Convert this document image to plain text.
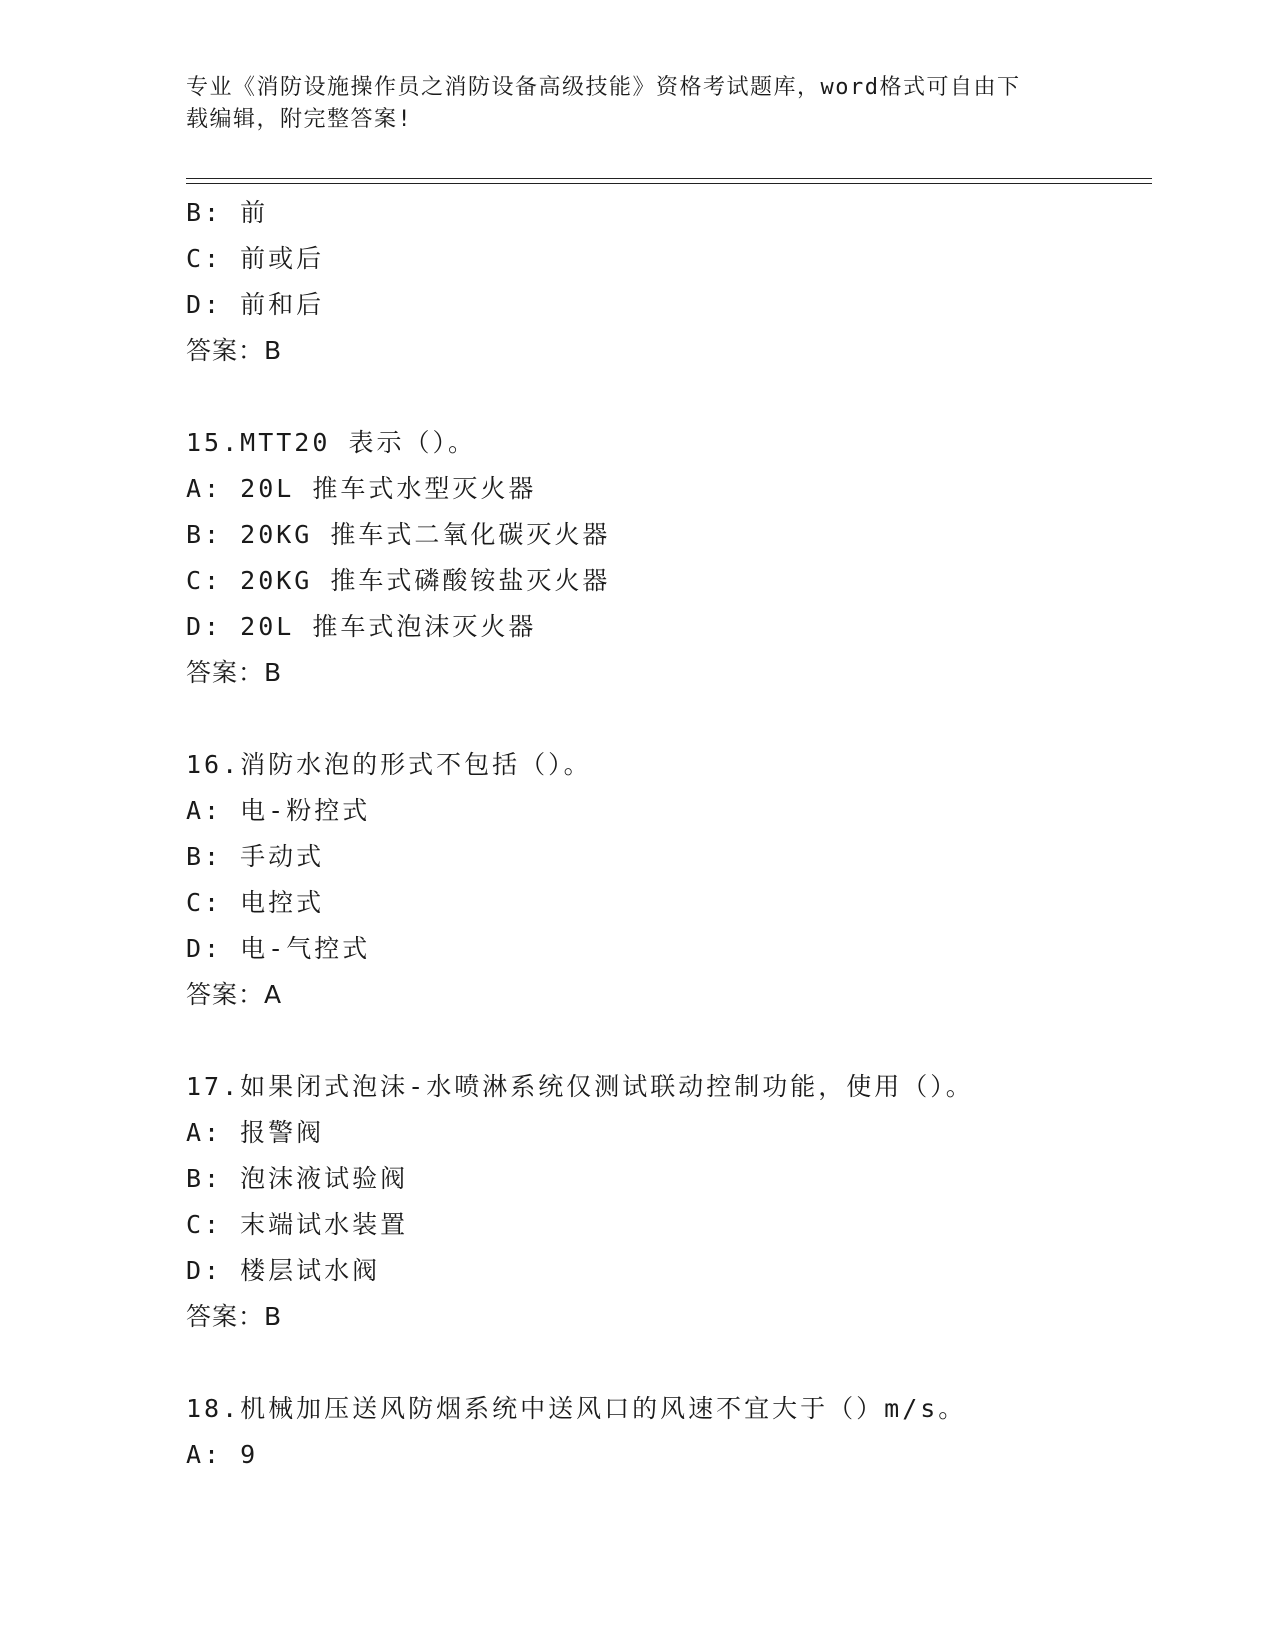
专业《消防设施操作员之消防设备高级技能》资格考试题库，word格式可自由下
载编辑，附完整答案!
B: 前
C: 前或后
D: 前和后
答案：B
15.MTT20 表示（）。
A: 20L 推车式水型灭火器
B: 20KG 推车式二氧化碳灭火器
C: 20KG 推车式磷酸铵盐灭火器
D: 20L 推车式泡沫灭火器
答案：B
16.消防水泡的形式不包括（）。
A: 电-粉控式
B: 手动式
C: 电控式
D: 电-气控式
答案：A
17.如果闭式泡沫-水喷淋系统仅测试联动控制功能，使用（）。
A: 报警阀
B: 泡沫液试验阀
C: 末端试水装置
D: 楼层试水阀
答案：B
18.机械加压送风防烟系统中送风口的风速不宜大于（）m/s。
A: 9
